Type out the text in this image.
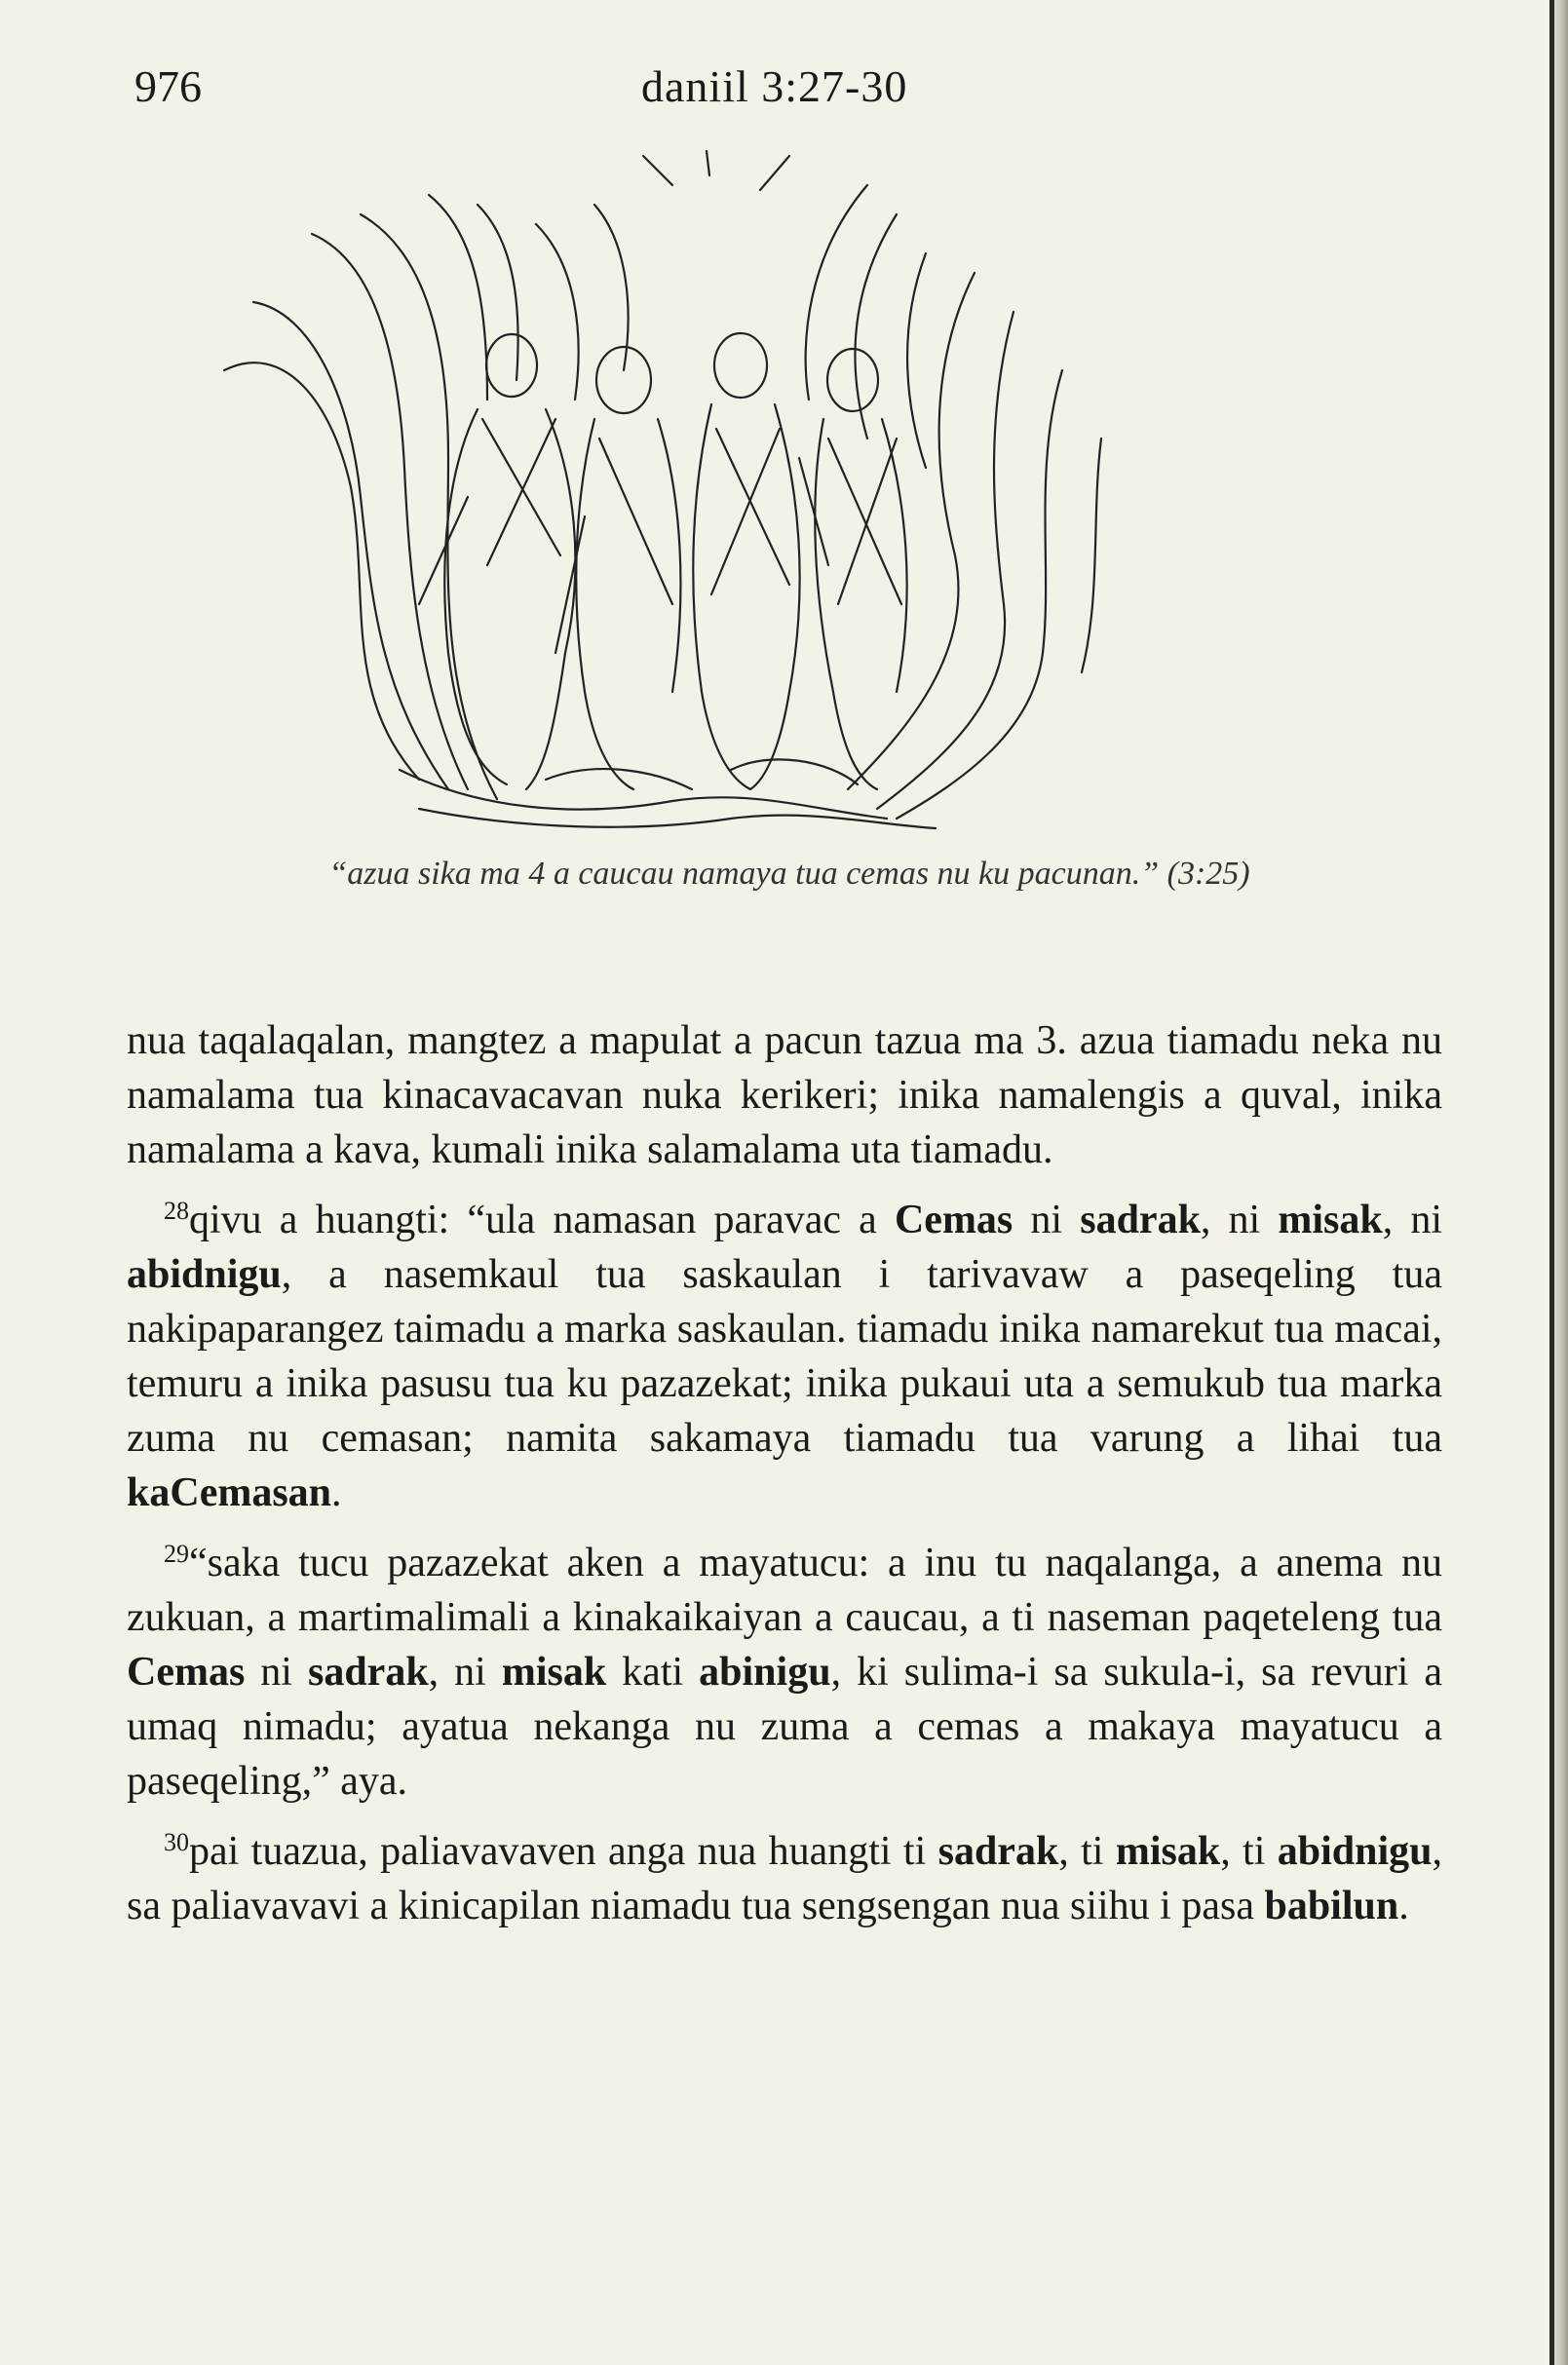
976	daniil 3:27-30
“azua sika ma 4 a caucau namaya tua cemas nu ku pacunan.” (3:25)

nua taqalaqalan, mangtez a mapulat a pacun tazua ma 3. azua tiamadu neka nu namalama tua kinacavacavan nuka kerikeri; inika namalengis a quval, inika namalama a kava, kumali inika salamalama uta tiamadu.

$^{28}$qivu a huangti: “ula namasan paravac a Cemas ni sadrak, ni misak, ni abidnigu, a nasemkaul tua saskaulan i tarivavaw a paseqeling tua nakipaparangez taimadu a marka saskaulan. tiamadu inika namarekut tua macai, temuru a inika pasusu tua ku pazazekat; inika pukaui uta a semukub tua marka zuma nu cemasan; namita sakamaya tiamadu tua varung a lihai tua kaCemasan.

$^{29}$“saka tucu pazazekat aken a mayatucu: a inu tu naqalanga, a anema nu zukuan, a martimalimali a kinakaikaiyan a caucau, a ti naseman paqeteleng tua Cemas ni sadrak, ni misak kati abinigu, ki sulima-i sa sukula-i, sa revuri a umaq nimadu; ayatua nekanga nu zuma a cemas a makaya mayatucu a paseqeling,” aya.

$^{30}$pai tuazua, paliavavaven anga nua huangti ti sadrak, ti misak, ti abidnigu, sa paliavavavi a kinicapilan niamadu tua sengsengan nua siihu i pasa babilun.
